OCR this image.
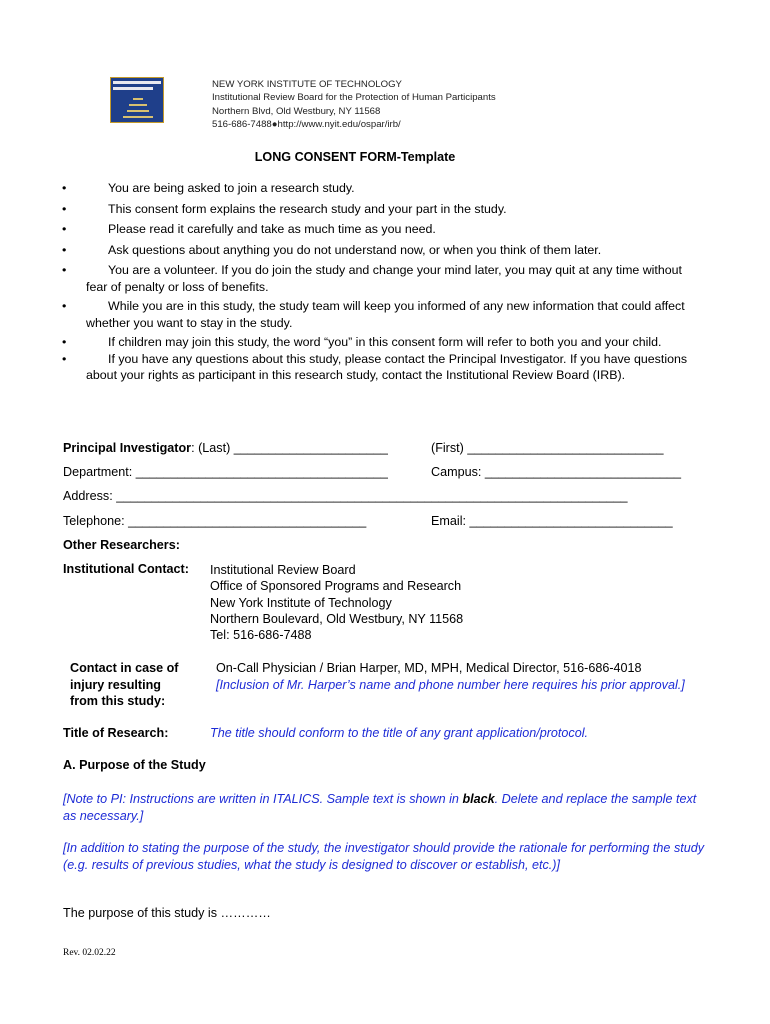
NEW YORK INSTITUTE OF TECHNOLOGY
Institutional Review Board for the Protection of Human Participants
Northern Blvd, Old Westbury, NY 11568
516-686-7488●http://www.nyit.edu/ospar/irb/
LONG CONSENT FORM-Template
•	You are being asked to join a research study.
•	This consent form explains the research study and your part in the study.
•	Please read it carefully and take as much time as you need.
•	Ask questions about anything you do not understand now, or when you think of them later.
•	You are a volunteer. If you do join the study and change your mind later, you may quit at any time without fear of penalty or loss of benefits.
•	While you are in this study, the study team will keep you informed of any new information that could affect whether you want to stay in the study.
•	If children may join this study, the word “you” in this consent form will refer to both you and your child.
•	If you have any questions about this study, please contact the Principal Investigator. If you have questions about your rights as participant in this research study, contact the Institutional Review Board (IRB).
Principal Investigator: (Last) ______________________	(First) ____________________________
Department: ____________________________________	Campus: ____________________________
Address: _________________________________________________________________________
Telephone: __________________________________	Email: _____________________________
Other Researchers:
Institutional Contact: Institutional Review Board
Office of Sponsored Programs and Research
New York Institute of Technology
Northern Boulevard, Old Westbury, NY 11568
Tel: 516-686-7488
Contact in case of
injury resulting
from this study:
On-Call Physician / Brian Harper, MD, MPH, Medical Director, 516-686-4018
[Inclusion of Mr. Harper’s name and phone number here requires his prior approval.]
Title of Research:	The title should conform to the title of any grant application/protocol.
A. Purpose of the Study
[Note to PI: Instructions are written in ITALICS. Sample text is shown in black. Delete and replace the sample text as necessary.]
[In addition to stating the purpose of the study, the investigator should provide the rationale for performing the study (e.g. results of previous studies, what the study is designed to discover or establish, etc.)]
The purpose of this study is …………
Rev. 02.02.22
